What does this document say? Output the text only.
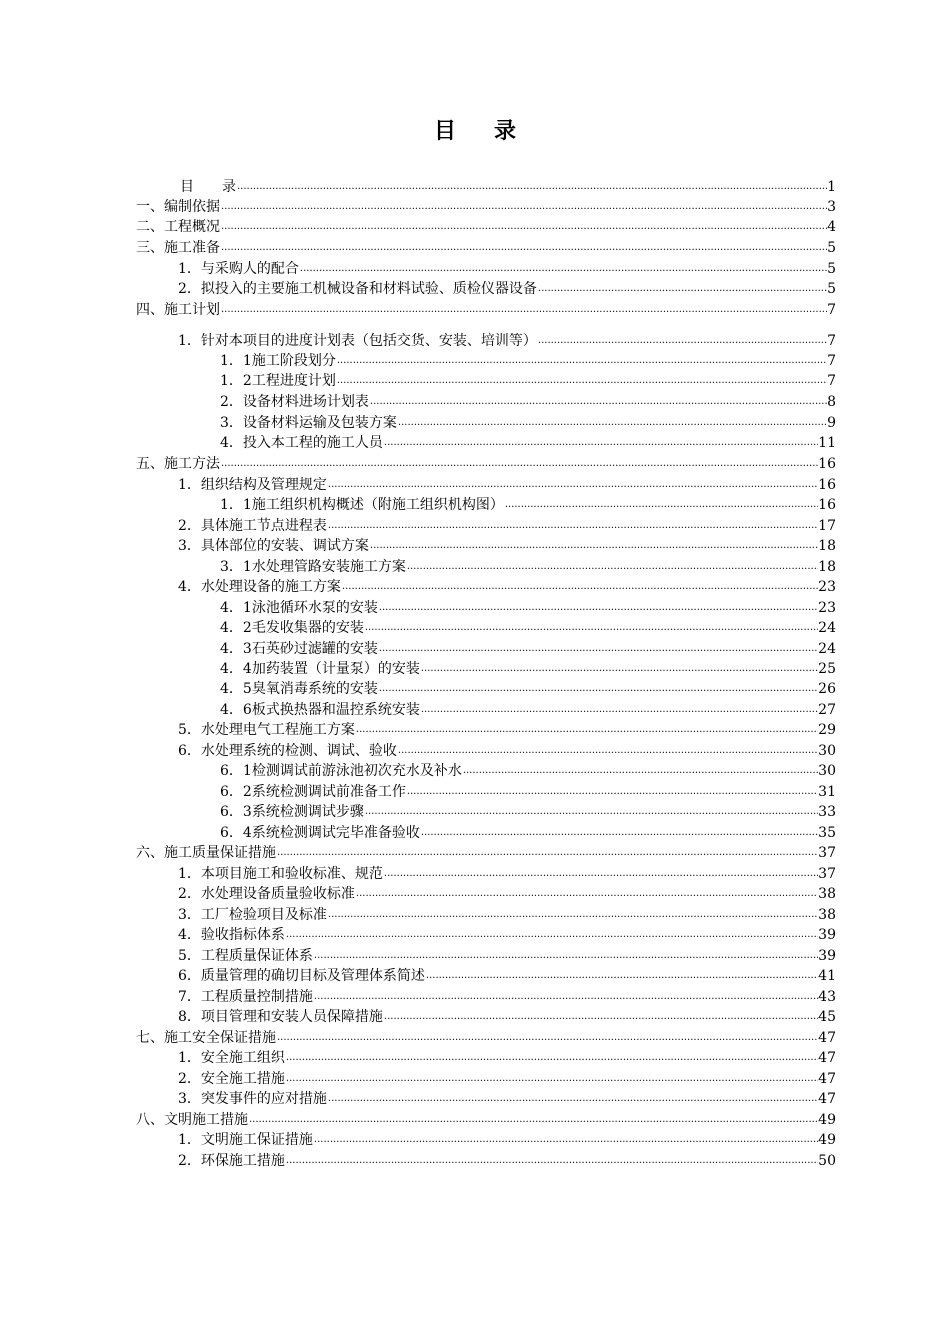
目录
目　　录 .....	1
一、编制依据 .....	3
二、工程概况 .....	4
三、施工准备 .....	5
1．与采购人的配合 .....	5
2．拟投入的主要施工机械设备和材料试验、质检仪器设备 .....	5
四、施工计划 .....	7
1．针对本项目的进度计划表（包括交货、安装、培训等） .....	7
1．1施工阶段划分 .....	7
1．2工程进度计划 .....	7
2．设备材料进场计划表 .....	8
3．设备材料运输及包装方案 .....	9
4．投入本工程的施工人员 .....	11
五、施工方法 .....	16
1．组织结构及管理规定 .....	16
1．1施工组织机构概述（附施工组织机构图） .....	16
2．具体施工节点进程表 .....	17
3．具体部位的安装、调试方案 .....	18
3．1水处理管路安装施工方案 .....	18
4．水处理设备的施工方案 .....	23
4．1泳池循环水泵的安装 .....	23
4．2毛发收集器的安装 .....	24
4．3石英砂过滤罐的安装 .....	24
4．4加药装置（计量泵）的安装 .....	25
4．5臭氧消毒系统的安装 .....	26
4．6板式换热器和温控系统安装 .....	27
5．水处理电气工程施工方案 .....	29
6．水处理系统的检测、调试、验收 .....	30
6．1检测调试前游泳池初次充水及补水 .....	30
6．2系统检测调试前准备工作 .....	31
6．3系统检测调试步骤 .....	33
6．4系统检测调试完毕准备验收 .....	35
六、施工质量保证措施 .....	37
1．本项目施工和验收标准、规范 .....	37
2．水处理设备质量验收标准 .....	38
3．工厂检验项目及标准 .....	38
4．验收指标体系 .....	39
5．工程质量保证体系 .....	39
6．质量管理的确切目标及管理体系简述 .....	41
7．工程质量控制措施 .....	43
8．项目管理和安装人员保障措施 .....	45
七、施工安全保证措施 .....	47
1．安全施工组织 .....	47
2．安全施工措施 .....	47
3．突发事件的应对措施 .....	47
八、文明施工措施 .....	49
1．文明施工保证措施 .....	49
2．环保施工措施 .....	50
